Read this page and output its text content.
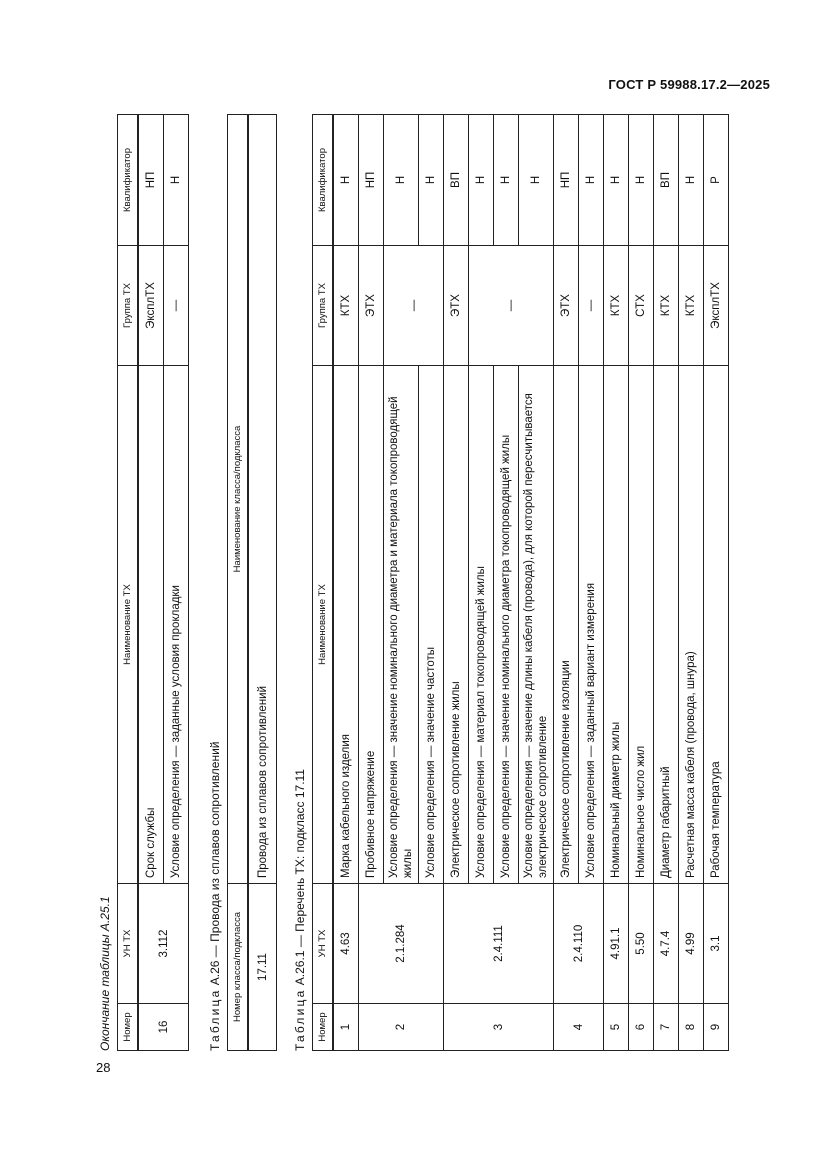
ГОСТ Р 59988.17.2—2025
28
Окончание таблицы А.25.1 Номер	УН ТХ	Наименование ТХ	Группа ТХ	Квалификатор
16	3.112	Срок службы	ЭксплТХ	НП
		Условие определения — заданные условия прокладки	—	Н
Таблица А.26 — Провода из сплавов сопротивлений Номер класса/подкласса	Наименование класса/подкласса
17.11	Провода из сплавов сопротивлений
Таблица А.26.1 — Перечень ТХ: подкласс 17.11
Номер	УН ТХ	Наименование ТХ	Группа ТХ	Квалификатор
1	4.63	Марка кабельного изделия	КТХ	Н
2	2.1.284	Пробивное напряжение	ЭТХ	НП
		Условие определения — значение номинального диаметра и материала токопроводящей жилы	—	Н
		Условие определения — значение частоты		Н
3	2.4.111	Электрическое сопротивление жилы	ЭТХ	ВП
		Условие определения — материал токопроводящей жилы	—	Н
		Условие определения — значение номинального диаметра токопроводящей жилы		Н
		Условие определения — значение длины кабеля (провода), для которой пересчитывается электрическое сопротивление		Н
4	2.4.110	Электрическое сопротивление изоляции	ЭТХ	НП
		Условие определения — заданный вариант измерения	—	Н
5	4.91.1	Номинальный диаметр жилы	КТХ	Н
6	5.50	Номинальное число жил	СТХ	Н
7	4.7.4	Диаметр габаритный	КТХ	ВП
8	4.99	Расчетная масса кабеля (провода, шнура)	КТХ	Н
9	3.1	Рабочая температура	ЭксплТХ	Р
